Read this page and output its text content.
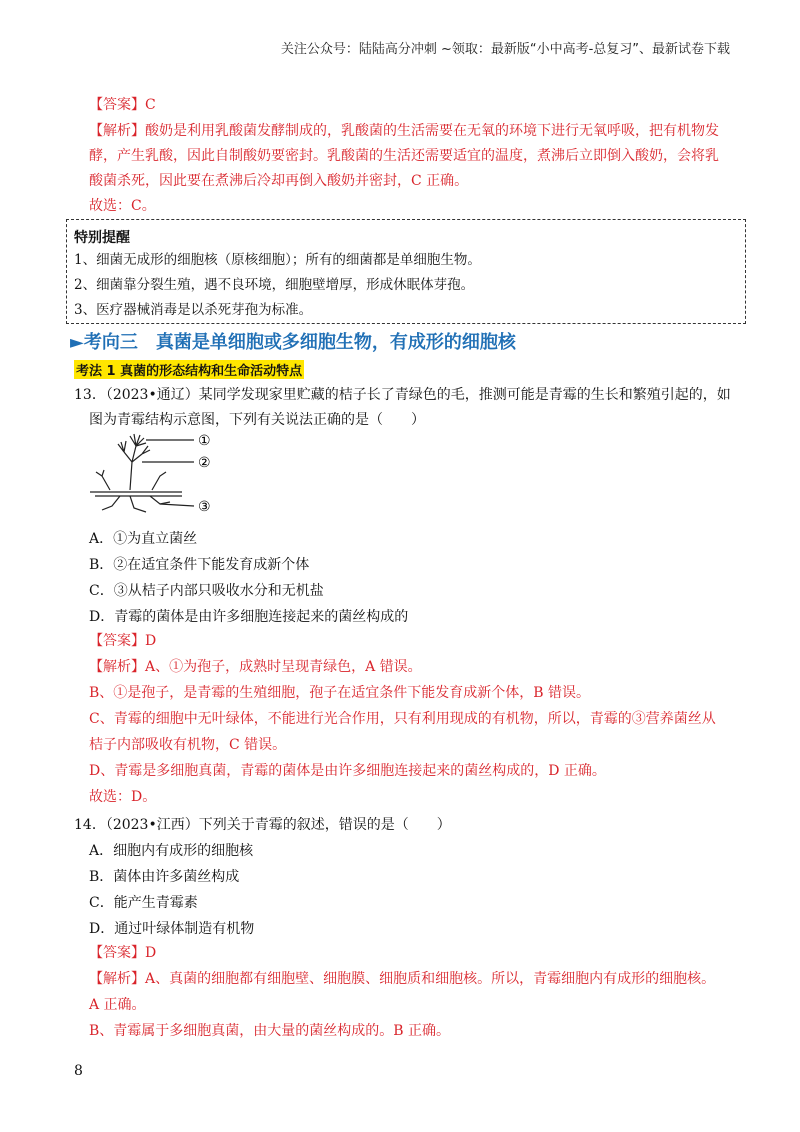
关注公众号：陆陆高分冲刺 ~领取：最新版“小中高考-总复习”、最新试卷下载
【答案】C
【解析】酸奶是利用乳酸菌发酵制成的，乳酸菌的生活需要在无氧的环境下进行无氧呼吸，把有机物发
酵，产生乳酸，因此自制酸奶要密封。乳酸菌的生活还需要适宜的温度，煮沸后立即倒入酸奶，会将乳
酸菌杀死，因此要在煮沸后冷却再倒入酸奶并密封，C 正确。
故选：C。
特别提醒
1、细菌无成形的细胞核（原核细胞）；所有的细菌都是单细胞生物。
2、细菌靠分裂生殖，遇不良环境，细胞壁增厚，形成休眠体芽孢。
3、医疗器械消毒是以杀死芽孢为标准。
►考向三　真菌是单细胞或多细胞生物，有成形的细胞核
考法 1 真菌的形态结构和生命活动特点
13．（2023•通辽）某同学发现家里贮藏的桔子长了青绿色的毛，推测可能是青霉的生长和繁殖引起的，如
图为青霉结构示意图，下列有关说法正确的是（　　）
①
②
③
A．①为直立菌丝
B．②在适宜条件下能发育成新个体
C．③从桔子内部只吸收水分和无机盐
D．青霉的菌体是由许多细胞连接起来的菌丝构成的
【答案】D
【解析】A、①为孢子，成熟时呈现青绿色，A 错误。
B、①是孢子，是青霉的生殖细胞，孢子在适宜条件下能发育成新个体，B 错误。
C、青霉的细胞中无叶绿体，不能进行光合作用，只有利用现成的有机物，所以，青霉的③营养菌丝从
桔子内部吸收有机物，C 错误。
D、青霉是多细胞真菌，青霉的菌体是由许多细胞连接起来的菌丝构成的，D 正确。
故选：D。
14．（2023•江西）下列关于青霉的叙述，错误的是（　　）
A．细胞内有成形的细胞核
B．菌体由许多菌丝构成
C．能产生青霉素
D．通过叶绿体制造有机物
【答案】D
【解析】A、真菌的细胞都有细胞壁、细胞膜、细胞质和细胞核。所以，青霉细胞内有成形的细胞核。
A 正确。
B、青霉属于多细胞真菌，由大量的菌丝构成的。B 正确。
8
